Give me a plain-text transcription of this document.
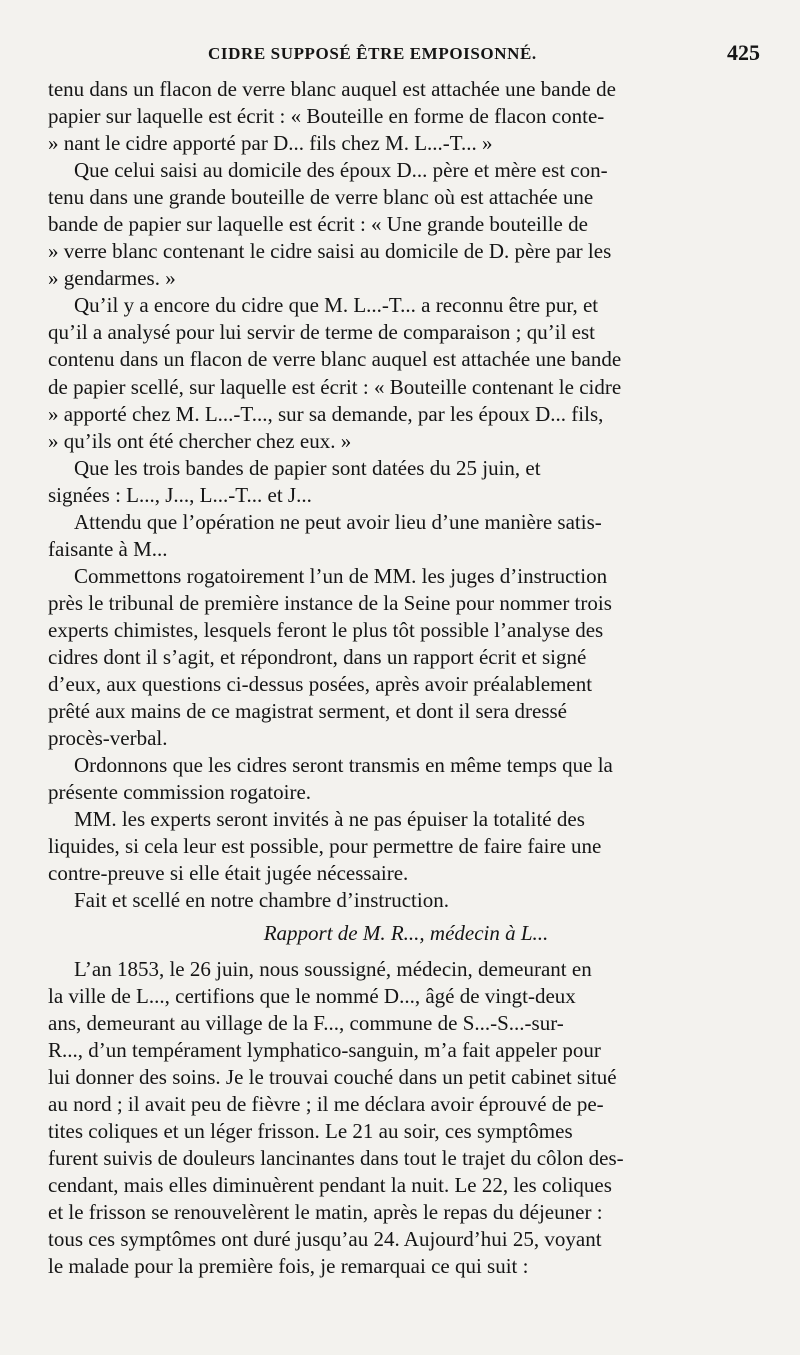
CIDRE SUPPOSÉ ÊTRE EMPOISONNÉ.	425
tenu dans un flacon de verre blanc auquel est attachée une bande de
papier sur laquelle est écrit : « Bouteille en forme de flacon conte-
» nant le cidre apporté par D... fils chez M. L...-T... »
Que celui saisi au domicile des époux D... père et mère est con-
tenu dans une grande bouteille de verre blanc où est attachée une
bande de papier sur laquelle est écrit : « Une grande bouteille de
» verre blanc contenant le cidre saisi au domicile de D. père par les
» gendarmes. »
Qu’il y a encore du cidre que M. L...-T... a reconnu être pur, et
qu’il a analysé pour lui servir de terme de comparaison ; qu’il est
contenu dans un flacon de verre blanc auquel est attachée une bande
de papier scellé, sur laquelle est écrit : « Bouteille contenant le cidre
» apporté chez M. L...-T..., sur sa demande, par les époux D... fils,
» qu’ils ont été chercher chez eux. »
Que les trois bandes de papier sont datées du 25 juin, et
signées : L..., J..., L...-T... et J...
Attendu que l’opération ne peut avoir lieu d’une manière satis-
faisante à M...
Commettons rogatoirement l’un de MM. les juges d’instruction
près le tribunal de première instance de la Seine pour nommer trois
experts chimistes, lesquels feront le plus tôt possible l’analyse des
cidres dont il s’agit, et répondront, dans un rapport écrit et signé
d’eux, aux questions ci-dessus posées, après avoir préalablement
prêté aux mains de ce magistrat serment, et dont il sera dressé
procès-verbal.
Ordonnons que les cidres seront transmis en même temps que la
présente commission rogatoire.
MM. les experts seront invités à ne pas épuiser la totalité des
liquides, si cela leur est possible, pour permettre de faire faire une
contre-preuve si elle était jugée nécessaire.
Fait et scellé en notre chambre d’instruction.
Rapport de M. R..., médecin à L...
L’an 1853, le 26 juin, nous soussigné, médecin, demeurant en
la ville de L..., certifions que le nommé D..., âgé de vingt-deux
ans, demeurant au village de la F..., commune de S...-S...-sur-
R..., d’un tempérament lymphatico-sanguin, m’a fait appeler pour
lui donner des soins. Je le trouvai couché dans un petit cabinet situé
au nord ; il avait peu de fièvre ; il me déclara avoir éprouvé de pe-
tites coliques et un léger frisson. Le 21 au soir, ces symptômes
furent suivis de douleurs lancinantes dans tout le trajet du côlon des-
cendant, mais elles diminuèrent pendant la nuit. Le 22, les coliques
et le frisson se renouvelèrent le matin, après le repas du déjeuner :
tous ces symptômes ont duré jusqu’au 24. Aujourd’hui 25, voyant
le malade pour la première fois, je remarquai ce qui suit :
